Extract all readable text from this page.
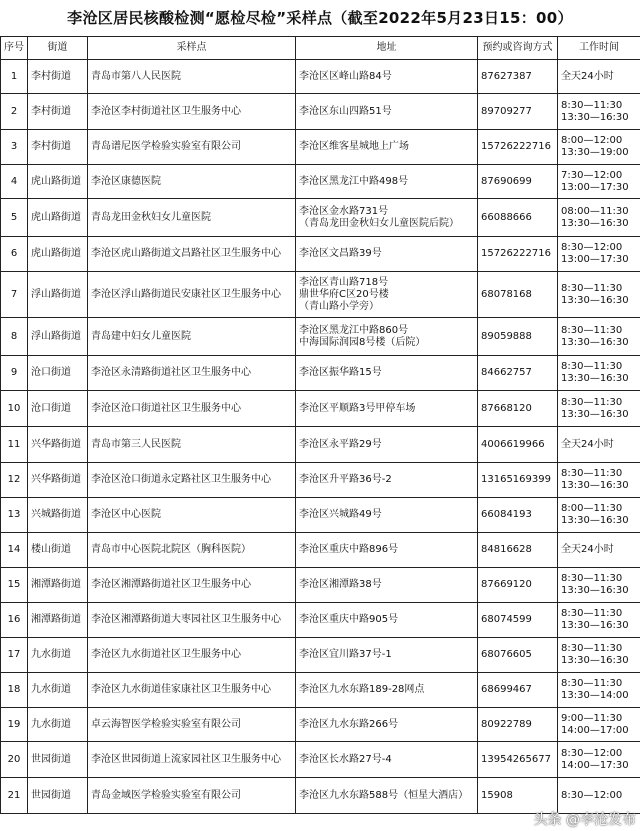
李沧区居民核酸检测“愿检尽检”采样点（截至2022年5月23日15：00）
序号	街道	采样点	地址	预约或咨询方式	工作时间
1	李村街道	青岛市第八人民医院	李沧区区峰山路84号	87627387	全天24小时
2	李村街道	李沧区李村街道社区卫生服务中心	李沧区东山四路51号	89709277	8:30—11:30
13:30—16:30
3	李村街道	青岛谱尼医学检验实验室有限公司	李沧区维客星城地上广场	15726222716	8:00—12:00
13:30—19:00
4	虎山路街道	李沧区康德医院	李沧区黑龙江中路498号	87690699	7:30—12:00
13:00—17:30
5	虎山路街道	青岛龙田金秋妇女儿童医院	李沧区金水路731号
（青岛龙田金秋妇女儿童医院后院）	66088666	08:00—11:30
13:30—16:30
6	虎山路街道	李沧区虎山路街道文昌路社区卫生服务中心	李沧区文昌路39号	15726222716	8:30—12:00
13:00—17:30
7	浮山路街道	李沧区浮山路街道民安康社区卫生服务中心	李沧区青山路718号
鼎世华府C区20号楼
（青山路小学旁）	68078168	8:30—11:30
13:30—16:30
8	浮山路街道	青岛建中妇女儿童医院	李沧区黑龙江中路860号
中海国际润园8号楼（后院）	89059888	8:30—11:30
13:30—16:30
9	沧口街道	李沧区永清路街道社区卫生服务中心	李沧区振华路15号	84662757	8:30—11:30
13:30—16:30
10	沧口街道	李沧区沧口街道社区卫生服务中心	李沧区平顺路3号甲停车场	87668120	8:30—11:30
13:30—16:30
11	兴华路街道	青岛市第三人民医院	李沧区永平路29号	4006619966	全天24小时
12	兴华路街道	李沧区沧口街道永定路社区卫生服务中心	李沧区升平路36号-2	13165169399	8:30—11:30
13:30—16:30
13	兴城路街道	李沧区中心医院	李沧区兴城路49号	66084193	8:00—11:30
13:30—16:30
14	楼山街道	青岛市中心医院北院区（胸科医院）	李沧区重庆中路896号	84816628	全天24小时
15	湘潭路街道	李沧区湘潭路街道社区卫生服务中心	李沧区湘潭路38号	87669120	8:30—11:30
13:30—16:30
16	湘潭路街道	李沧区湘潭路街道大枣园社区卫生服务中心	李沧区重庆中路905号	68074599	8:30—11:30
13:30—16:30
17	九水街道	李沧区九水街道社区卫生服务中心	李沧区宜川路37号-1	68076605	8:30—11:30
13:30—16:30
18	九水街道	李沧区九水街道佳家康社区卫生服务中心	李沧区九水东路189-28网点	68699467	8:30—11:30
13:30—14:00
19	九水街道	卓云海智医学检验实验室有限公司	李沧区九水东路266号	80922789	9:00—11:30
14:00—17:00
20	世园街道	李沧区世园街道上流家园社区卫生服务中心	李沧区长水路27号-4	13954265677	8:30—12:00
14:00—17:30
21	世园街道	青岛金域医学检验实验室有限公司	李沧区九水东路588号（恒星大酒店）	15908	8:30—12:00
头条 @李沧发布
